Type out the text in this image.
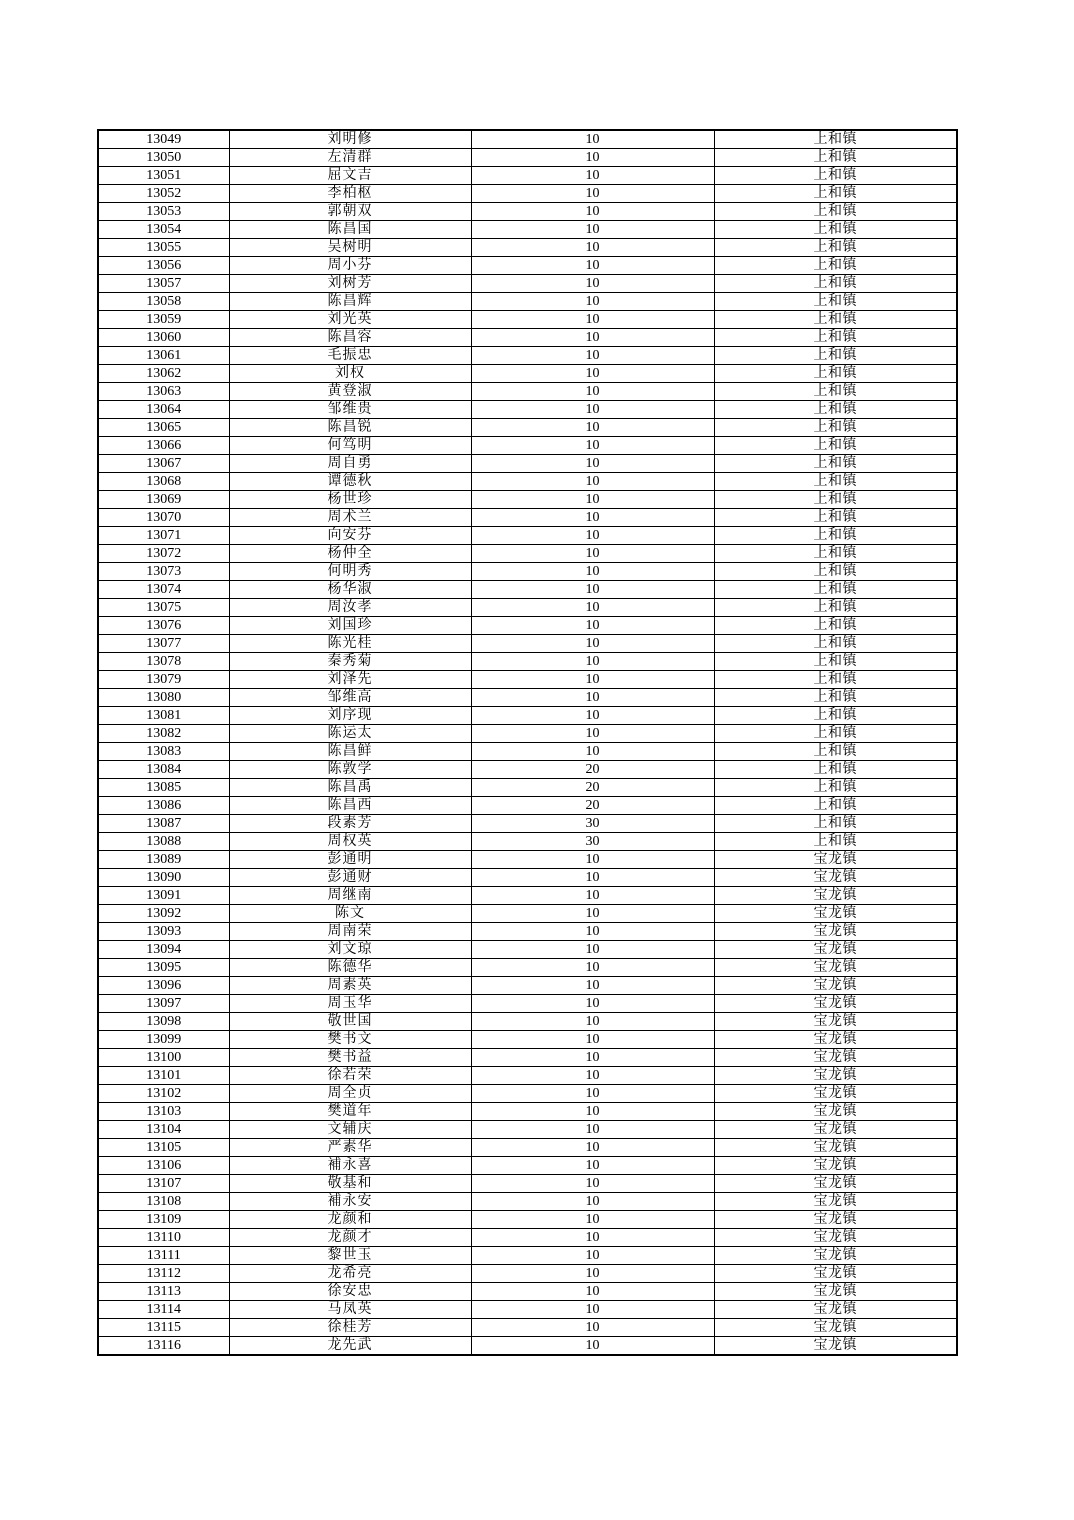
13049	刘明修	10	上和镇
13050	左清群	10	上和镇
13051	屈文吉	10	上和镇
13052	李柏枢	10	上和镇
13053	郭朝双	10	上和镇
13054	陈昌国	10	上和镇
13055	吴树明	10	上和镇
13056	周小芬	10	上和镇
13057	刘树芳	10	上和镇
13058	陈昌辉	10	上和镇
13059	刘光英	10	上和镇
13060	陈昌容	10	上和镇
13061	毛振忠	10	上和镇
13062	刘权	10	上和镇
13063	黄登淑	10	上和镇
13064	邹维贵	10	上和镇
13065	陈昌锐	10	上和镇
13066	何笃明	10	上和镇
13067	周自勇	10	上和镇
13068	谭德秋	10	上和镇
13069	杨世珍	10	上和镇
13070	周术兰	10	上和镇
13071	向安芬	10	上和镇
13072	杨仲全	10	上和镇
13073	何明秀	10	上和镇
13074	杨华淑	10	上和镇
13075	周汝孝	10	上和镇
13076	刘国珍	10	上和镇
13077	陈光桂	10	上和镇
13078	秦秀菊	10	上和镇
13079	刘泽先	10	上和镇
13080	邹维高	10	上和镇
13081	刘序现	10	上和镇
13082	陈运太	10	上和镇
13083	陈昌鲜	10	上和镇
13084	陈敦学	20	上和镇
13085	陈昌禹	20	上和镇
13086	陈昌西	20	上和镇
13087	段素芳	30	上和镇
13088	周权英	30	上和镇
13089	彭通明	10	宝龙镇
13090	彭通财	10	宝龙镇
13091	周继南	10	宝龙镇
13092	陈文	10	宝龙镇
13093	周南荣	10	宝龙镇
13094	刘文琼	10	宝龙镇
13095	陈德华	10	宝龙镇
13096	周素英	10	宝龙镇
13097	周玉华	10	宝龙镇
13098	敬世国	10	宝龙镇
13099	樊书文	10	宝龙镇
13100	樊书益	10	宝龙镇
13101	徐若荣	10	宝龙镇
13102	周全贞	10	宝龙镇
13103	樊道年	10	宝龙镇
13104	文辅庆	10	宝龙镇
13105	严素华	10	宝龙镇
13106	補永喜	10	宝龙镇
13107	敬基和	10	宝龙镇
13108	補永安	10	宝龙镇
13109	龙颜和	10	宝龙镇
13110	龙颜才	10	宝龙镇
13111	黎世玉	10	宝龙镇
13112	龙希亮	10	宝龙镇
13113	徐安忠	10	宝龙镇
13114	马凤英	10	宝龙镇
13115	徐桂芳	10	宝龙镇
13116	龙先武	10	宝龙镇
